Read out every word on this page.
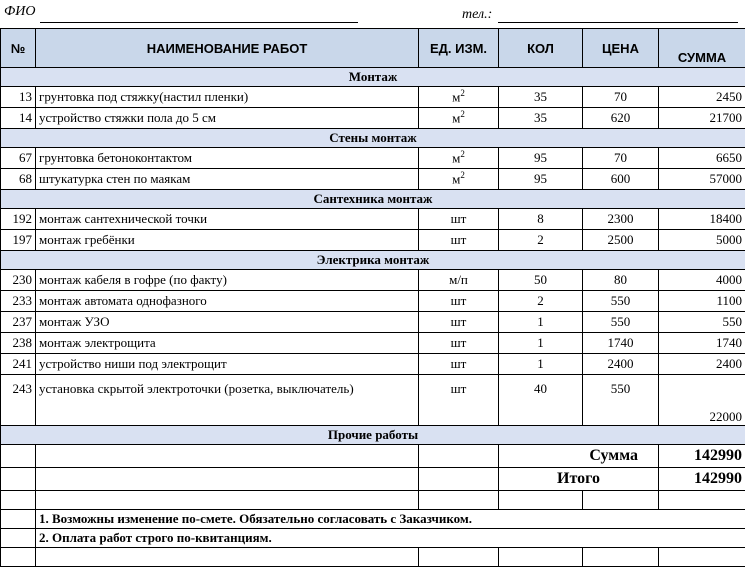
ФИО	тел.:
№	НАИМЕНОВАНИЕ РАБОТ	ЕД. ИЗМ.	КОЛ	ЦЕНА	СУММА
Монтаж					
13	грунтовка под стяжку(настил пленки)	$м^2$	35	70	2450
14	устройство стяжки пола до 5 см	$м^2$	35	620	21700
Стены монтаж					
67	грунтовка бетоноконтактом	$м^2$	95	70	6650
68	штукатурка стен по маякам	$м^2$	95	600	57000
Сантехника монтаж					
192	монтаж сантехнической точки	шт	8	2300	18400
197	монтаж гребёнки	шт	2	2500	5000
Электрика монтаж					
230	монтаж кабеля в гофре (по факту)	м/п	50	80	4000
233	монтаж автомата однофазного	шт	2	550	1100
237	монтаж УЗО	шт	1	550	550
238	монтаж электрощита	шт	1	1740	1740
241	устройство ниши под электрощит	шт	1	2400	2400
243	установка скрытой электроточки (розетка, выключатель)	шт	40	550	22000
Прочие работы					
			Сумма		142990
			Итого		142990

	1. Возможны изменение по-смете. Обязательно согласовать с Заказчиком.				
	2. Оплата работ строго по-квитанциям.				
